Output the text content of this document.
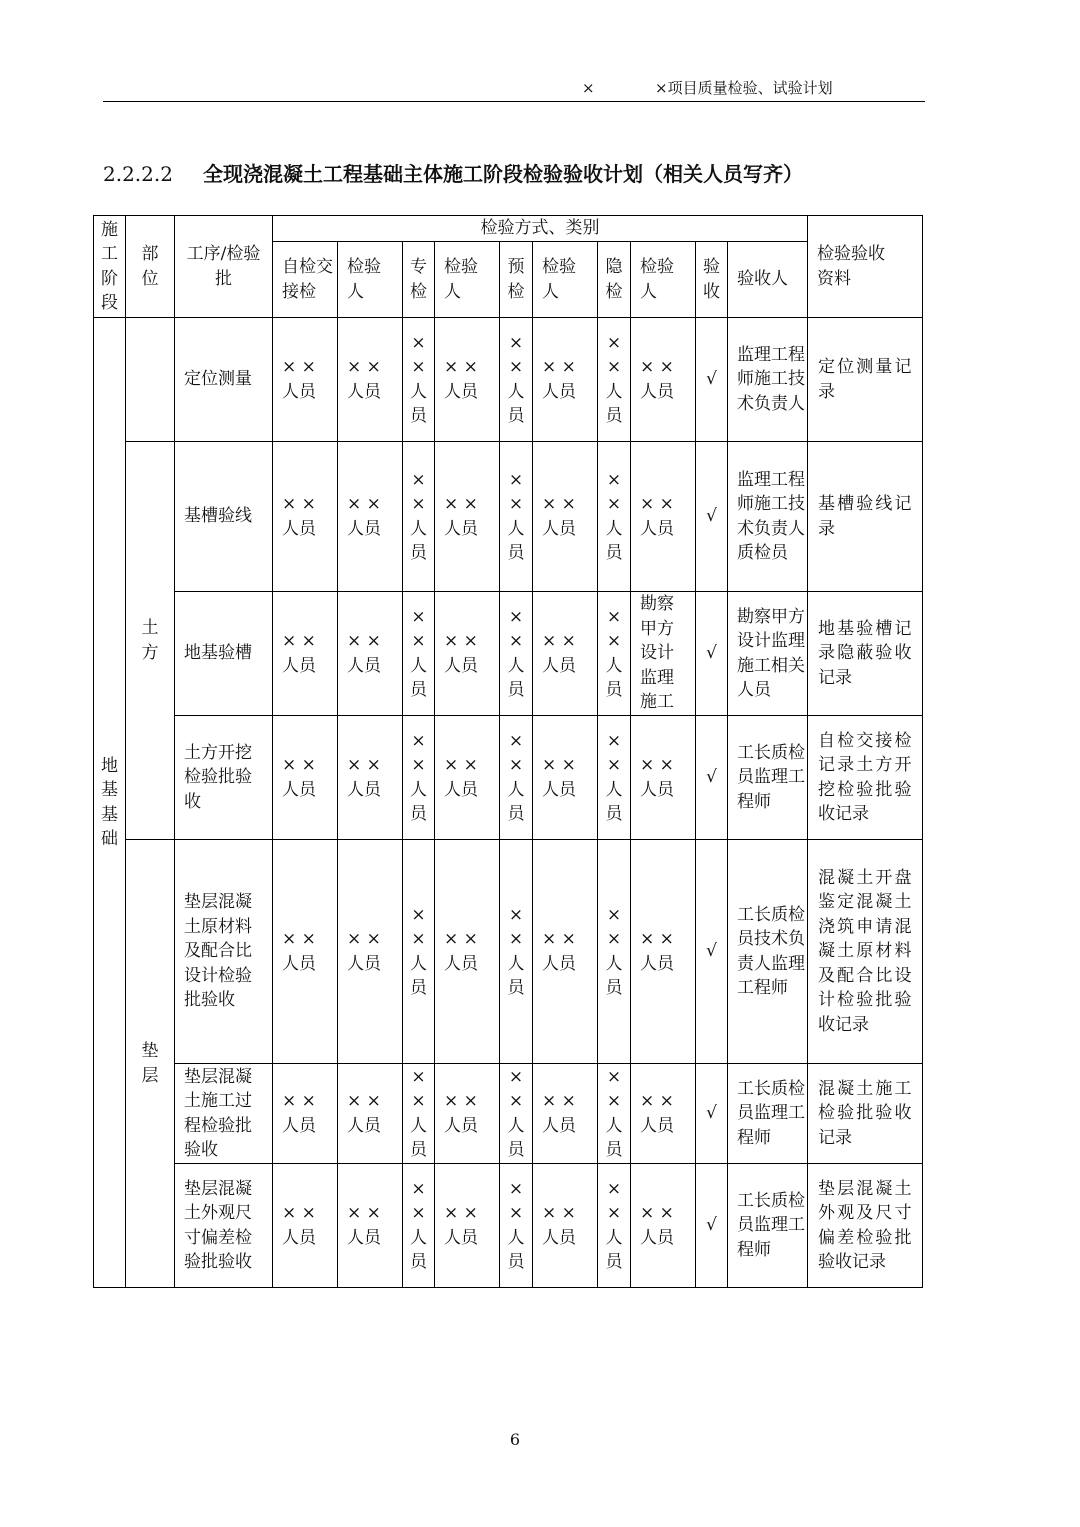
×	×项目质量检验、试验计划
2.2.2.2 全现浇混凝土工程基础主体施工阶段检验验收计划（相关人员写齐）
施工阶段	部位	工序/检验批	检验方式、类别										检验验收资料

			自检交接检	检验人	专检	检验人	预检	检验人	隐检	检验人	验收	验收人	

地基基础		定位测量	× ×人员	× ×人员	××人员	× ×人员	××人员	× ×人员	××人员	× ×人员	√	监理工程师施工技术负责人	定位测量记录

	土方	基槽验线	× ×人员	× ×人员	××人员	× ×人员	××人员	× ×人员	××人员	× ×人员	√	监理工程师施工技术负责人质检员	基槽验线记录

		地基验槽	× ×人员	× ×人员	××人员	× ×人员	××人员	× ×人员	××人员	勘察甲方设计监理施工	√	勘察甲方设计监理施工相关人员	地基验槽记录隐蔽验收记录

		土方开挖检验批验收	× ×人员	× ×人员	××人员	× ×人员	××人员	× ×人员	××人员	× ×人员	√	工长质检员监理工程师	自检交接检记录土方开挖检验批验收记录

	垫层	垫层混凝土原材料及配合比设计检验批验收	× ×人员	× ×人员	××人员	× ×人员	××人员	× ×人员	××人员	× ×人员	√	工长质检员技术负责人监理工程师	混凝土开盘鉴定混凝土浇筑申请混凝土原材料及配合比设计检验批验收记录

		垫层混凝土施工过程检验批验收	× ×人员	× ×人员	××人员	× ×人员	××人员	× ×人员	××人员	× ×人员	√	工长质检员监理工程师	混凝土施工检验批验收记录

		垫层混凝土外观尺寸偏差检验批验收	× ×人员	× ×人员	××人员	× ×人员	××人员	× ×人员	××人员	× ×人员	√	工长质检员监理工程师	垫层混凝土外观及尺寸偏差检验批验收记录
6
